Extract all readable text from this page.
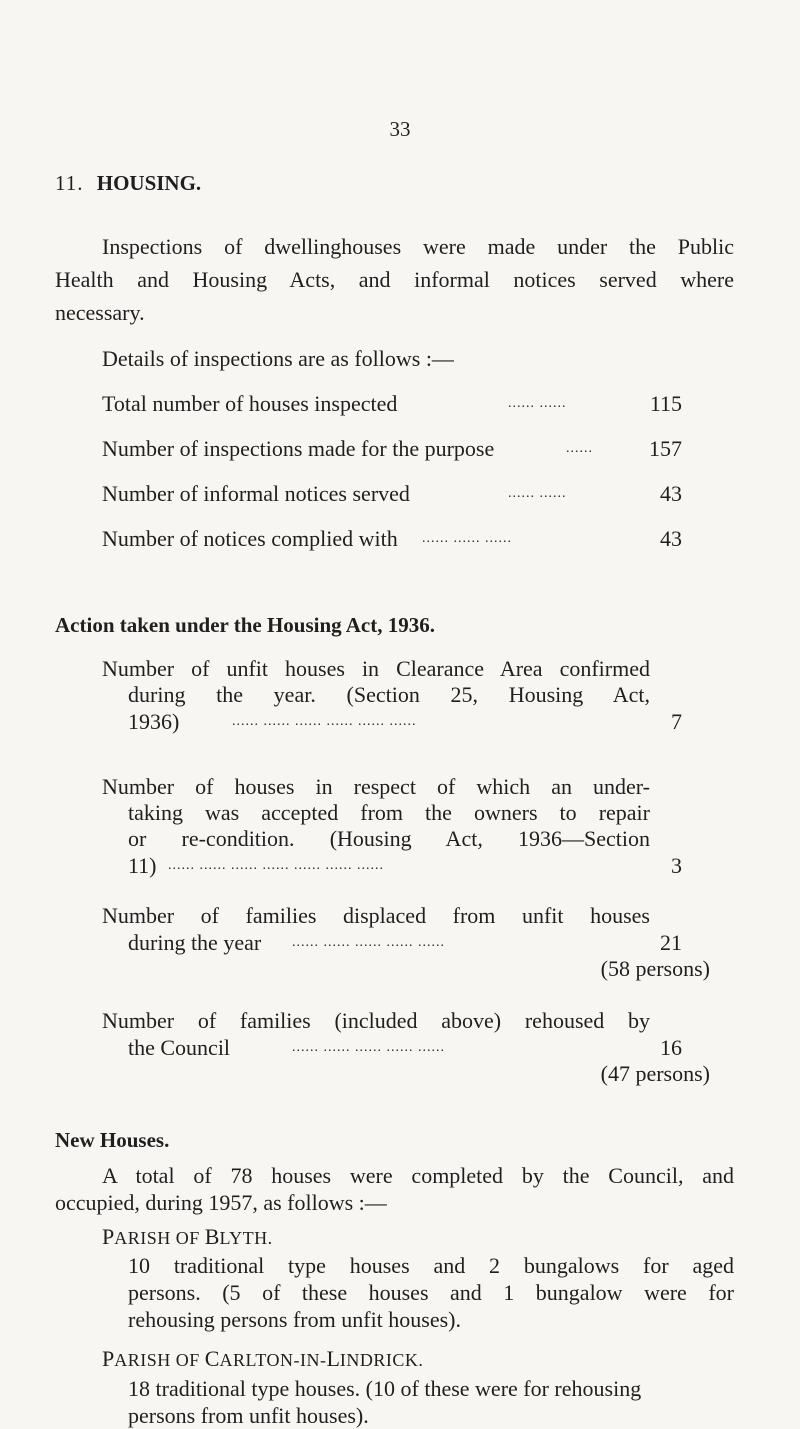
33
11. HOUSING.
Inspections of dwellinghouses were made under the Public
Health and Housing Acts, and informal notices served where
necessary.
Details of inspections are as follows :—
Total number of houses inspected	...... ......	115
Number of inspections made for the purpose	......	157
Number of informal notices served	...... ......	43
Number of notices complied with ...... ...... ......	43
Action taken under the Housing Act, 1936.
Number of unfit houses in Clearance Area confirmed
during the year. (Section 25, Housing Act,
1936)	...... ...... ...... ...... ...... ......	7
Number of houses in respect of which an under-
taking was accepted from the owners to repair
or re-condition. (Housing Act, 1936—Section
11) ...... ...... ...... ...... ...... ...... ......	3
Number of families displaced from unfit houses
during the year ...... ...... ...... ...... ......	21
(58 persons)
Number of families (included above) rehoused by
the Council	...... ...... ...... ...... ......	16
(47 persons)
New Houses.
A total of 78 houses were completed by the Council, and
occupied, during 1957, as follows :—
PARISH OF BLYTH.
10 traditional type houses and 2 bungalows for aged
persons. (5 of these houses and 1 bungalow were for
rehousing persons from unfit houses).
PARISH OF CARLTON-IN-LINDRICK.
18 traditional type houses. (10 of these were for rehousing
persons from unfit houses).
